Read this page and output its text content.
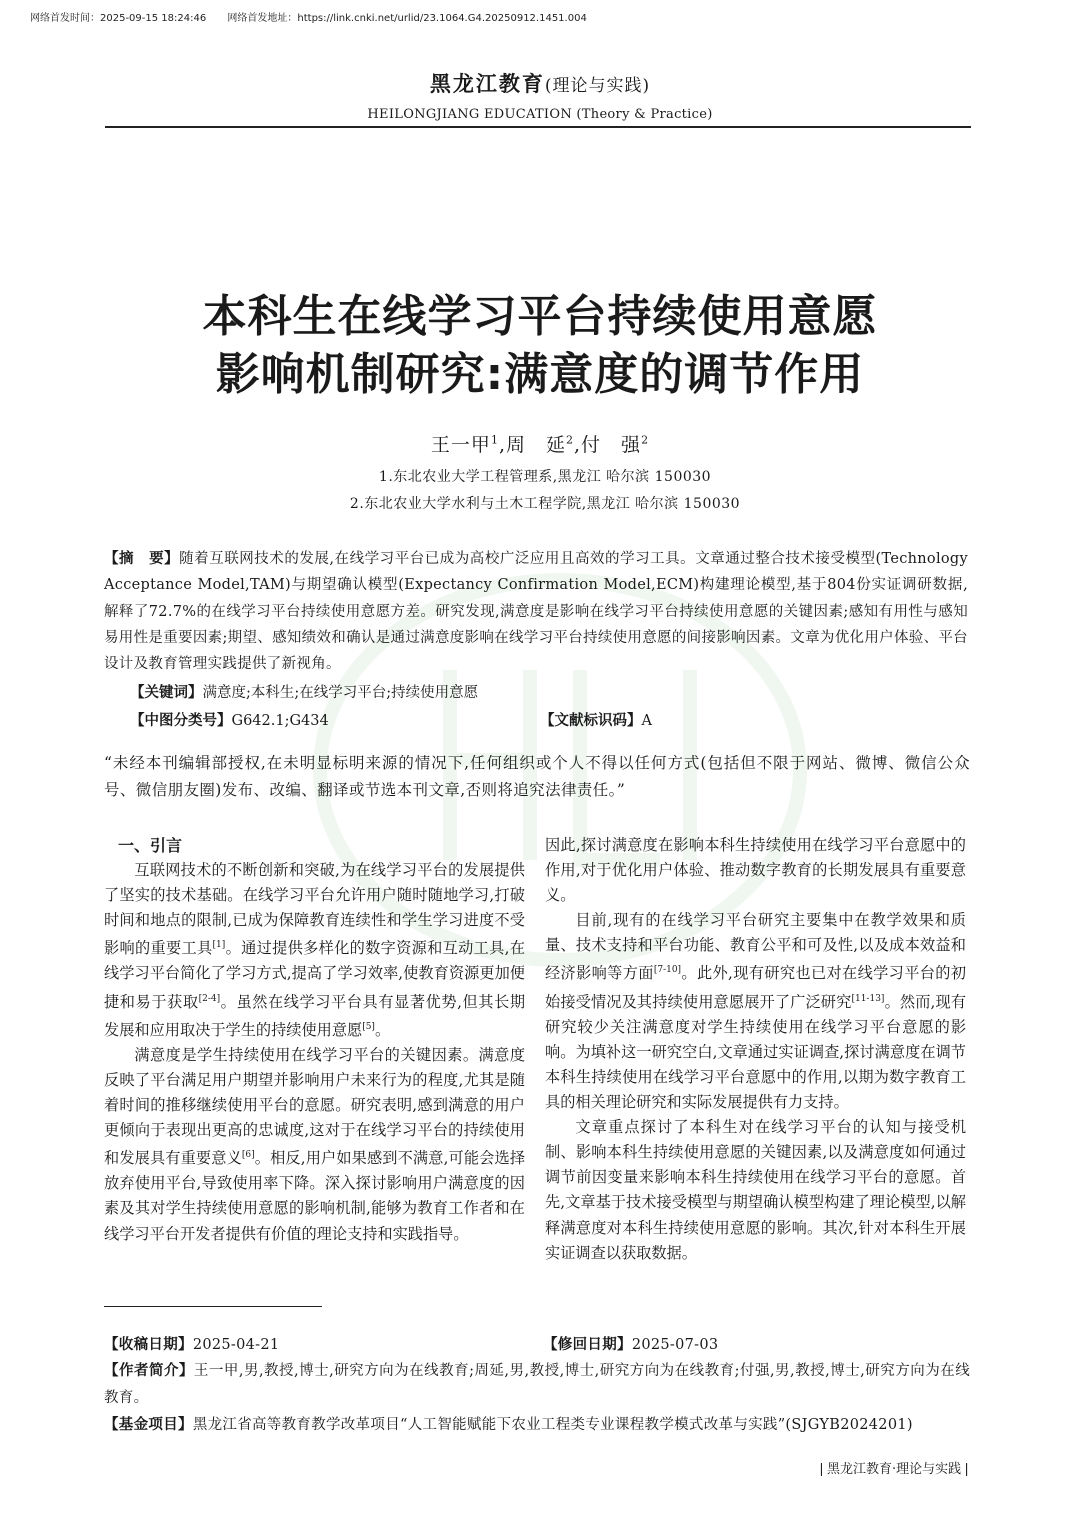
网络首发时间：2025-09-15 18:24:46 网络首发地址：https://link.cnki.net/urlid/23.1064.G4.20250912.1451.004
黑龙江教育(理论与实践)
HEILONGJIANG EDUCATION (Theory & Practice)
本科生在线学习平台持续使用意愿
影响机制研究:满意度的调节作用
王一甲$^1$,周　延$^2$,付　强$^2$
1.东北农业大学工程管理系,黑龙江 哈尔滨 150030
2.东北农业大学水利与土木工程学院,黑龙江 哈尔滨 150030
【摘　要】随着互联网技术的发展,在线学习平台已成为高校广泛应用且高效的学习工具。文章通过整合技术接受模型(Technology Acceptance Model,TAM)与期望确认模型(Expectancy Confirmation Model,ECM)构建理论模型,基于804份实证调研数据,解释了72.7%的在线学习平台持续使用意愿方差。研究发现,满意度是影响在线学习平台持续使用意愿的关键因素;感知有用性与感知易用性是重要因素;期望、感知绩效和确认是通过满意度影响在线学习平台持续使用意愿的间接影响因素。文章为优化用户体验、平台设计及教育管理实践提供了新视角。
【关键词】满意度;本科生;在线学习平台;持续使用意愿
【中图分类号】G642.1;G434	【文献标识码】A
“未经本刊编辑部授权,在未明显标明来源的情况下,任何组织或个人不得以任何方式(包括但不限于网站、微博、微信公众号、微信朋友圈)发布、改编、翻译或节选本刊文章,否则将追究法律责任。”

一、引言

互联网技术的不断创新和突破,为在线学习平台的发展提供了坚实的技术基础。在线学习平台允许用户随时随地学习,打破时间和地点的限制,已成为保障教育连续性和学生学习进度不受影响的重要工具[1]。通过提供多样化的数字资源和互动工具,在线学习平台简化了学习方式,提高了学习效率,使教育资源更加便捷和易于获取[2-4]。虽然在线学习平台具有显著优势,但其长期发展和应用取决于学生的持续使用意愿[5]。

满意度是学生持续使用在线学习平台的关键因素。满意度反映了平台满足用户期望并影响用户未来行为的程度,尤其是随着时间的推移继续使用平台的意愿。研究表明,感到满意的用户更倾向于表现出更高的忠诚度,这对于在线学习平台的持续使用和发展具有重要意义[6]。相反,用户如果感到不满意,可能会选择放弃使用平台,导致使用率下降。深入探讨影响用户满意度的因素及其对学生持续使用意愿的影响机制,能够为教育工作者和在线学习平台开发者提供有价值的理论支持和实践指导。

因此,探讨满意度在影响本科生持续使用在线学习平台意愿中的作用,对于优化用户体验、推动数字教育的长期发展具有重要意义。

目前,现有的在线学习平台研究主要集中在教学效果和质量、技术支持和平台功能、教育公平和可及性,以及成本效益和经济影响等方面[7-10]。此外,现有研究也已对在线学习平台的初始接受情况及其持续使用意愿展开了广泛研究[11-13]。然而,现有研究较少关注满意度对学生持续使用在线学习平台意愿的影响。为填补这一研究空白,文章通过实证调查,探讨满意度在调节本科生持续使用在线学习平台意愿中的作用,以期为数字教育工具的相关理论研究和实际发展提供有力支持。

文章重点探讨了本科生对在线学习平台的认知与接受机制、影响本科生持续使用意愿的关键因素,以及满意度如何通过调节前因变量来影响本科生持续使用在线学习平台的意愿。首先,文章基于技术接受模型与期望确认模型构建了理论模型,以解释满意度对本科生持续使用意愿的影响。其次,针对本科生开展实证调查以获取数据。

【收稿日期】2025-04-21	【修回日期】2025-07-03
【作者简介】王一甲,男,教授,博士,研究方向为在线教育;周延,男,教授,博士,研究方向为在线教育;付强,男,教授,博士,研究方向为在线教育。
【基金项目】黑龙江省高等教育教学改革项目“人工智能赋能下农业工程类专业课程教学模式改革与实践”(SJGYB2024201)
❘黑龙江教育·理论与实践❘
